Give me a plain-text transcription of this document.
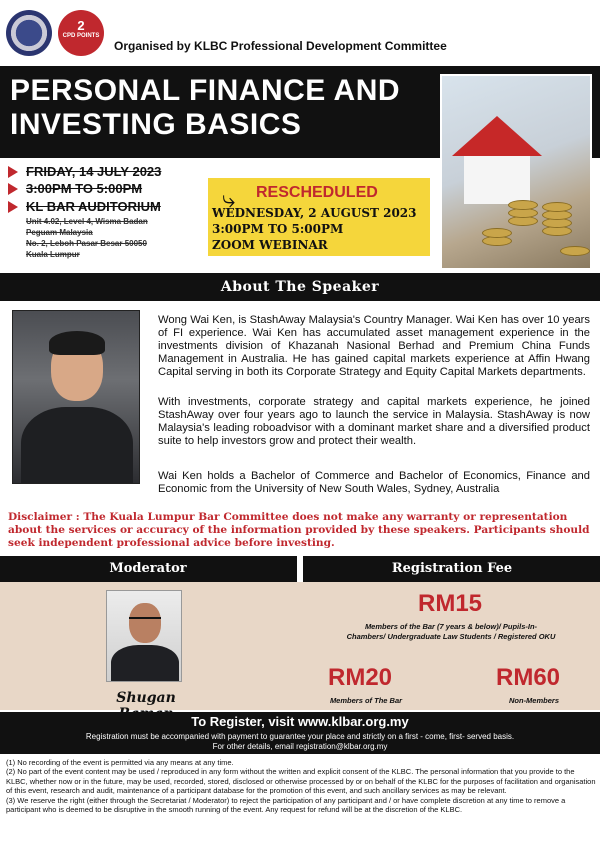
2
CPD POINTS
Organised by KLBC Professional Development Committee
PERSONAL FINANCE AND
INVESTING BASICS
FRIDAY, 14 JULY 2023
3:00PM TO 5:00PM
KL BAR AUDITORIUM
Unit 4.02, Level 4, Wisma Badan
Peguam Malaysia
No. 2, Leboh Pasar Besar 50050
Kuala Lumpur
⤷ RESCHEDULED
WEDNESDAY, 2 AUGUST 2023
3:00PM TO 5:00PM
ZOOM WEBINAR
About The Speaker
Wong Wai Ken, is StashAway Malaysia's Country Manager. Wai Ken has over 10 years of FI experience. Wai Ken has accumulated asset management experience in the investments division of Khazanah Nasional Berhad and Premium China Funds Management in Australia. He has gained capital markets experience at Affin Hwang Capital serving in both its Corporate Strategy and Equity Capital Markets departments.
With investments, corporate strategy and capital markets experience, he joined StashAway over four years ago to launch the service in Malaysia. StashAway is now Malaysia's leading roboadvisor with a dominant market share and a diversified product suite to help investors grow and protect their wealth.
Wai Ken holds a Bachelor of Commerce and Bachelor of Economics, Finance and Economic from the University of New South Wales, Sydney, Australia
Disclaimer : The Kuala Lumpur Bar Committee does not make any warranty or representation about the services or accuracy of the information provided by these speakers. Participants should seek independent professional advice before investing.
Moderator	Registration Fee
Shugan
RM15
Members of the Bar (7 years & below)/ Pupils-In-Chambers/ Undergraduate Law Students / Registered OKU
RM20
Members of The Bar
RM60
Non-Members
To Register, visit www.klbar.org.my
Registration must be accompanied with payment to guarantee your place and strictly on a first - come, first- served basis.
For other details, email registration@klbar.org.my
(1) No recording of the event is permitted via any means at any time.
(2) No part of the event content may be used / reproduced in any form without the written and explicit consent of the KLBC. The personal information that you provide to the KLBC, whether now or in the future, may be used, recorded, stored, disclosed or otherwise processed by or on behalf of the KLBC for the purposes of facilitation and organisation of this event, research and audit, maintenance of a participant database for the promotion of this event, and such ancillary services as may be relevant.
(3) We reserve the right (either through the Secretariat / Moderator) to reject the participation of any participant and / or have complete discretion at any time to remove a participant who is deemed to be disruptive in the smooth running of the event. Any request for refund will be at the discretion of the KLBC.
